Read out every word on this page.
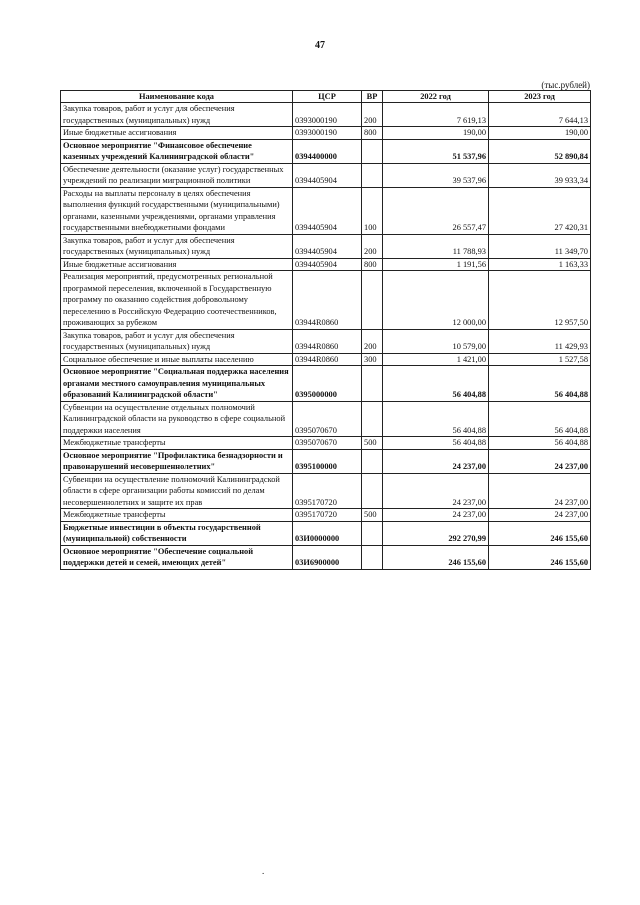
47
(тыс.рублей)
Наименование кода	ЦСР	ВР	2022 год	2023 год
Закупка товаров, работ и услуг для обеспечения государственных (муниципальных) нужд	0393000190	200	7 619,13	7 644,13
Иные бюджетные ассигнования	0393000190	800	190,00	190,00
Основное мероприятие "Финансовое обеспечение казенных учреждений Калининградской области"	0394400000		51 537,96	52 890,84
Обеспечение деятельности (оказание услуг) государственных учреждений по реализации миграционной политики	0394405904		39 537,96	39 933,34
Расходы на выплаты персоналу в целях обеспечения выполнения функций государственными (муниципальными) органами, казенными учреждениями, органами управления государственными внебюджетными фондами	0394405904	100	26 557,47	27 420,31
Закупка товаров, работ и услуг для обеспечения государственных (муниципальных) нужд	0394405904	200	11 788,93	11 349,70
Иные бюджетные ассигнования	0394405904	800	1 191,56	1 163,33
Реализация мероприятий, предусмотренных региональной программой переселения, включенной в Государственную программу по оказанию содействия добровольному переселению в Российскую Федерацию соотечественников, проживающих за рубежом	03944R0860		12 000,00	12 957,50
Закупка товаров, работ и услуг для обеспечения государственных (муниципальных) нужд	03944R0860	200	10 579,00	11 429,93
Социальное обеспечение и иные выплаты населению	03944R0860	300	1 421,00	1 527,58
Основное мероприятие "Социальная поддержка населения органами местного самоуправления муниципальных образований Калининградской области"	0395000000		56 404,88	56 404,88
Субвенции на осуществление отдельных полномочий Калининградской области на руководство в сфере социальной поддержки населения	0395070670		56 404,88	56 404,88
Межбюджетные трансферты	0395070670	500	56 404,88	56 404,88
Основное мероприятие "Профилактика безнадзорности и правонарушений несовершеннолетних"	0395100000		24 237,00	24 237,00
Субвенции на осуществление полномочий Калининградской области в сфере организации работы комиссий по делам несовершеннолетних и защите их прав	0395170720		24 237,00	24 237,00
Межбюджетные трансферты	0395170720	500	24 237,00	24 237,00
Бюджетные инвестиции в объекты государственной (муниципальной) собственности	03И0000000		292 270,99	246 155,60
Основное мероприятие "Обеспечение социальной поддержки детей и семей, имеющих детей"	03И6900000		246 155,60	246 155,60
.
